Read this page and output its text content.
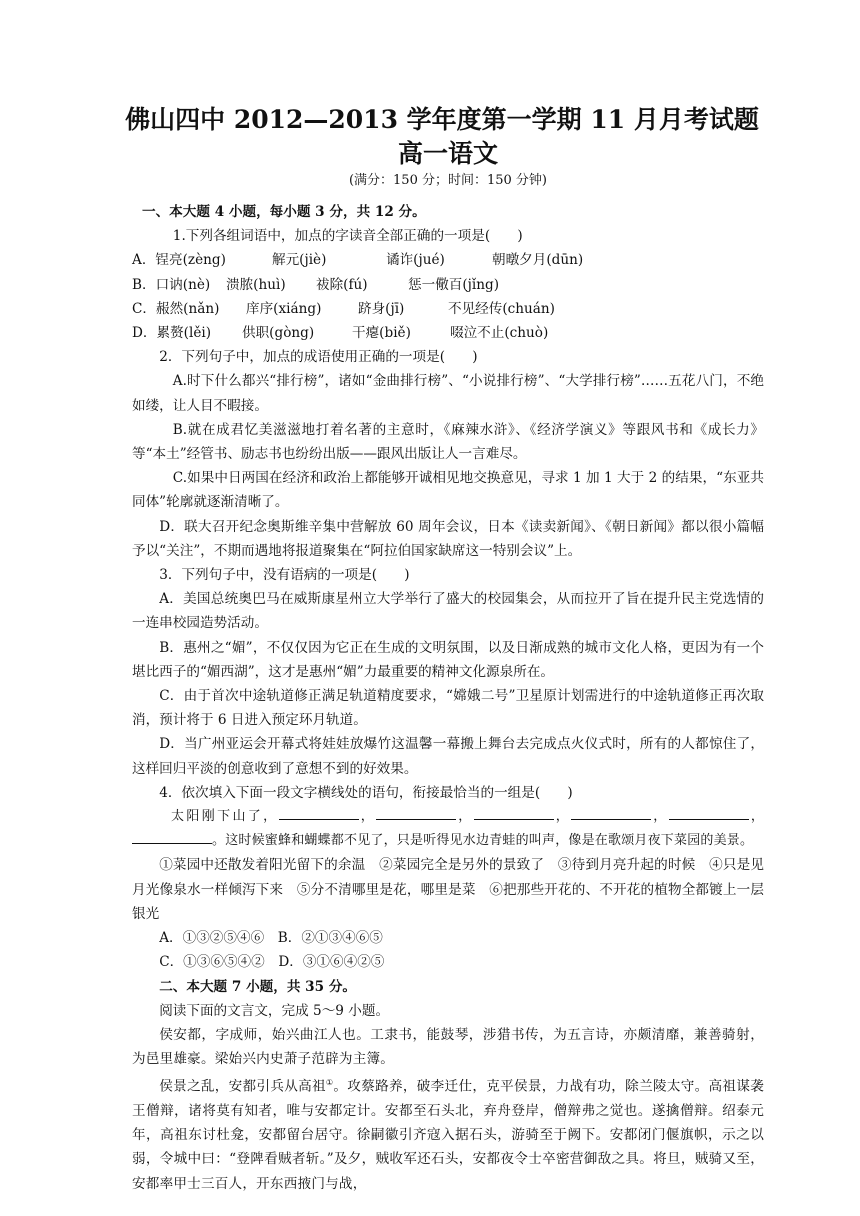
佛山四中 2012—2013 学年度第一学期 11 月月考试题
高一语文
(满分：150 分；时间：150 分钟)

一、本大题 4 小题，每小题 3 分，共 12 分。

1.下列各组词语中，加点的字读音全部正确的一项是(　　)

A．锃亮(zèng)	解元(jiè)	谲诈(jué)	朝暾夕月(dūn)
B．口讷(nè)	溃脓(huì)	祓除(fú)	惩一儆百(jǐng)
C．赧然(nǎn)	庠序(xiáng)	跻身(jī)	不见经传(chuán)
D．累赘(lěi)	供职(gòng)	干瘪(biě)	啜泣不止(chuò)

2．下列句子中，加点的成语使用正确的一项是(　　)

A.时下什么都兴“排行榜”，诸如“金曲排行榜”、“小说排行榜”、“大学排行榜”……五花八门，不绝如缕，让人目不暇接。

B.就在成君忆美滋滋地打着名著的主意时，《麻辣水浒》、《经济学演义》等跟风书和《成长力》等“本土”经管书、励志书也纷纷出版——跟风出版让人一言难尽。

C.如果中日两国在经济和政治上都能够开诚相见地交换意见，寻求 1 加 1 大于 2 的结果，“东亚共同体”轮廓就逐渐清晰了。

D．联大召开纪念奥斯维辛集中营解放 60 周年会议，日本《读卖新闻》、《朝日新闻》都以很小篇幅予以“关注”，不期而遇地将报道聚集在“阿拉伯国家缺席这一特别会议”上。

3．下列句子中，没有语病的一项是(　　)

A．美国总统奥巴马在威斯康星州立大学举行了盛大的校园集会，从而拉开了旨在提升民主党选情的一连串校园造势活动。

B．惠州之“媚”，不仅仅因为它正在生成的文明氛围，以及日渐成熟的城市文化人格，更因为有一个堪比西子的“媚西湖”，这才是惠州“媚”力最重要的精神文化源泉所在。

C．由于首次中途轨道修正满足轨道精度要求，“嫦娥二号”卫星原计划需进行的中途轨道修正再次取消，预计将于 6 日进入预定环月轨道。

D．当广州亚运会开幕式将娃娃放爆竹这温馨一幕搬上舞台去完成点火仪式时，所有的人都惊住了，这样回归平淡的创意收到了意想不到的好效果。

4．依次填入下面一段文字横线处的语句，衔接最恰当的一组是(　　)

太阳刚下山了，	，	，	，	，	，。这时候蜜蜂和蝴蝶都不见了，只是听得见水边青蛙的叫声，像是在歌颂月夜下菜园的美景。

①菜园中还散发着阳光留下的余温　②菜园完全是另外的景致了　③待到月亮升起的时候　④只是见月光像泉水一样倾泻下来　⑤分不清哪里是花，哪里是菜　⑥把那些开花的、不开花的植物全都镀上一层银光

A．①③②⑤④⑥　B．②①③④⑥⑤

C．①③⑥⑤④②　D．③①⑥④②⑤

二、本大题 7 小题，共 35 分。

阅读下面的文言文，完成 5～9 小题。

侯安都，字成师，始兴曲江人也。工隶书，能鼓琴，涉猎书传，为五言诗，亦颇清靡，兼善骑射，为邑里雄豪。梁始兴内史萧子范辟为主簿。

侯景之乱，安都引兵从高祖①。攻蔡路养，破李迁仕，克平侯景，力战有功，除兰陵太守。高祖谋袭王僧辩，诸将莫有知者，唯与安都定计。安都至石头北，弃舟登岸，僧辩弗之觉也。遂擒僧辩。绍泰元年，高祖东讨杜龛，安都留台居守。徐嗣徽引齐寇入据石头，游骑至于阙下。安都闭门偃旗帜，示之以弱，令城中曰：“登陴看贼者斩。”及夕，贼收军还石头，安都夜令士卒密营御敌之具。将旦，贼骑又至，安都率甲士三百人，开东西掖门与战，
